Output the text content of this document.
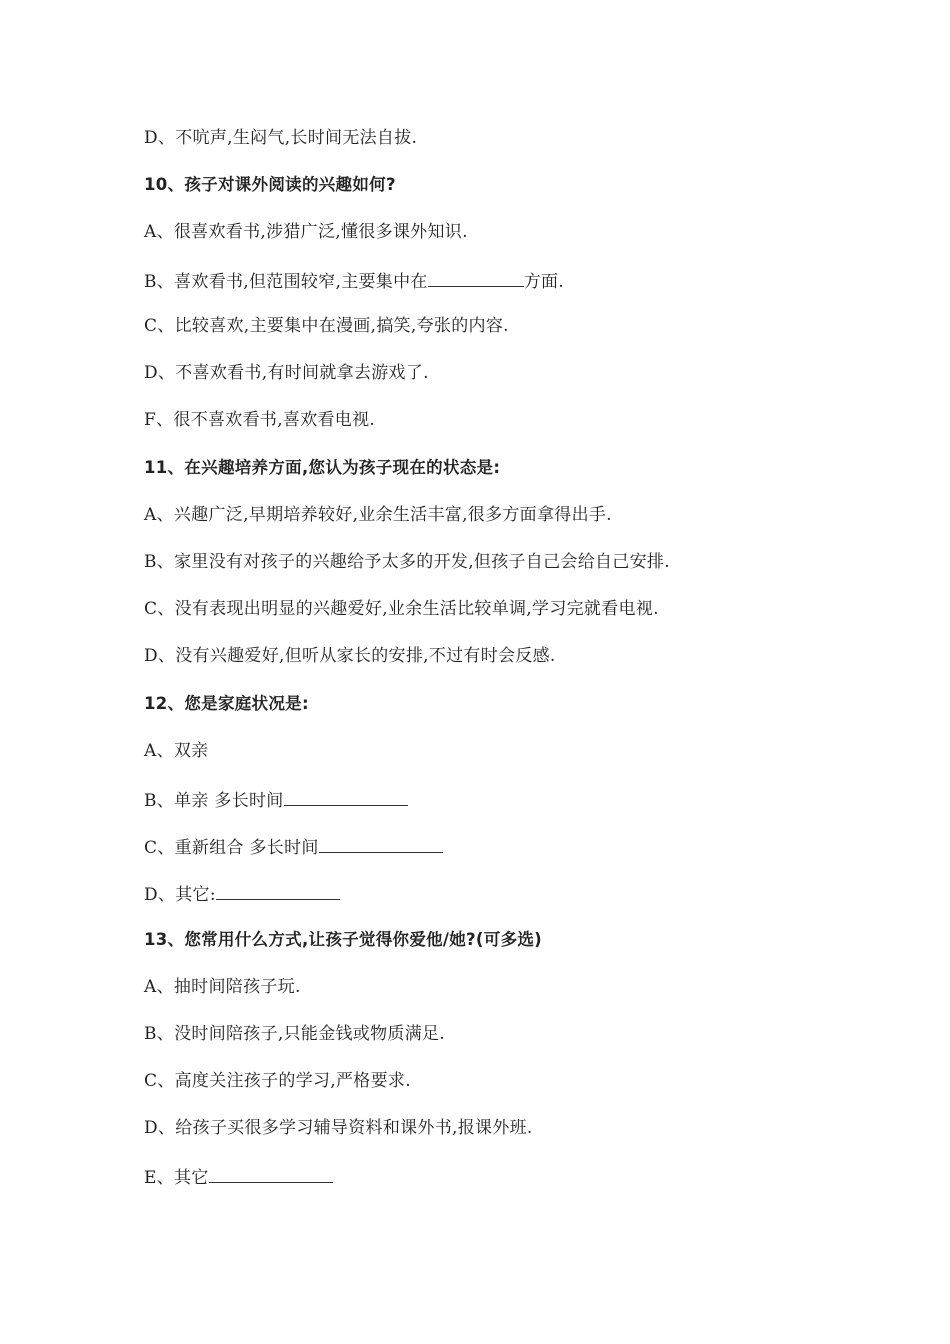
D、不吭声,生闷气,长时间无法自拔.
10、孩子对课外阅读的兴趣如何?
A、很喜欢看书,涉猎广泛,懂很多课外知识.
B、喜欢看书,但范围较窄,主要集中在	方面.
C、比较喜欢,主要集中在漫画,搞笑,夸张的内容.
D、不喜欢看书,有时间就拿去游戏了.
F、很不喜欢看书,喜欢看电视.
11、在兴趣培养方面,您认为孩子现在的状态是:
A、兴趣广泛,早期培养较好,业余生活丰富,很多方面拿得出手.
B、家里没有对孩子的兴趣给予太多的开发,但孩子自己会给自己安排.
C、没有表现出明显的兴趣爱好,业余生活比较单调,学习完就看电视.
D、没有兴趣爱好,但听从家长的安排,不过有时会反感.
12、您是家庭状况是:
A、双亲
B、单亲 多长时间
C、重新组合 多长时间
D、其它:
13、您常用什么方式,让孩子觉得你爱他/她?(可多选)
A、抽时间陪孩子玩.
B、没时间陪孩子,只能金钱或物质满足.
C、高度关注孩子的学习,严格要求.
D、给孩子买很多学习辅导资料和课外书,报课外班.
E、其它
